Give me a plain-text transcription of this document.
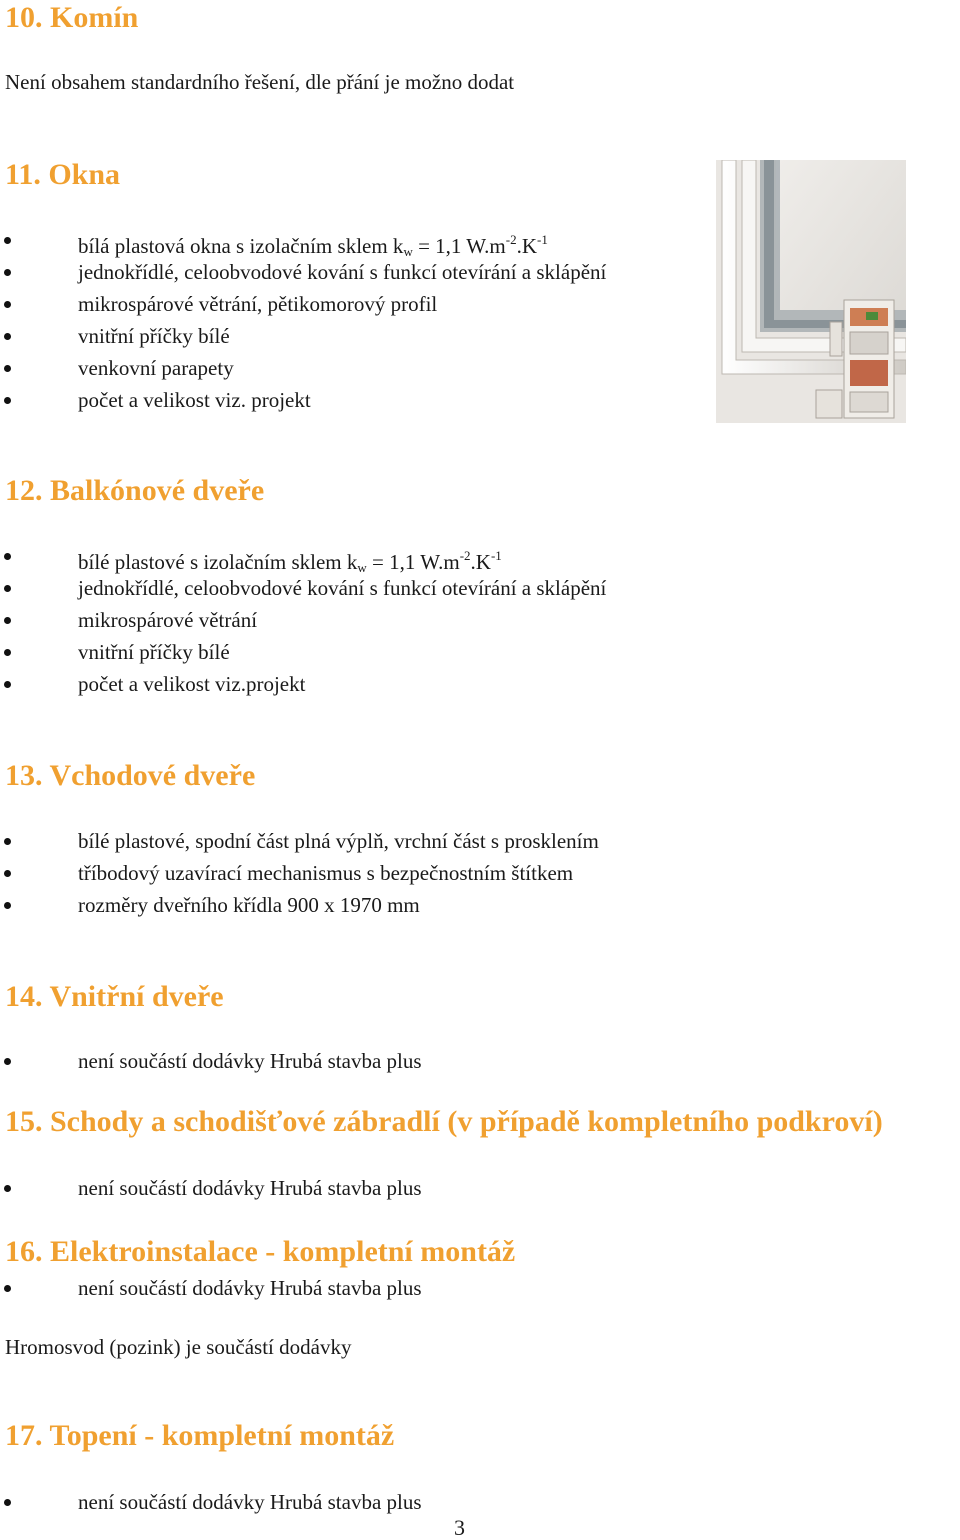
10. Komín

Není obsahem standardního řešení, dle přání je možno dodat

11. Okna
bílá plastová okna s izolačním sklem $k_w = 1,1$ $W.m^{-2}.K^{-1}$
jednokřídlé, celoobvodové kování s funkcí otevírání a sklápění
mikrospárové větrání, pětikomorový profil
vnitřní příčky bílé
venkovní parapety
počet a velikost viz. projekt
12. Balkónové dveře
bílé plastové s izolačním sklem $k_w = 1,1$ $W.m^{-2}.K^{-1}$
jednokřídlé, celoobvodové kování s funkcí otevírání a sklápění
mikrospárové větrání
vnitřní příčky bílé
počet a velikost viz.projekt
13. Vchodové dveře
bílé plastové, spodní část plná výplň, vrchní část s prosklením
tříbodový uzavírací mechanismus s bezpečnostním štítkem
rozměry dveřního křídla 900 x 1970 mm
14. Vnitřní dveře
není součástí dodávky Hrubá stavba plus
15. Schody a schodišťové zábradlí (v případě kompletního podkroví)
není součástí dodávky Hrubá stavba plus
16. Elektroinstalace - kompletní montáž
není součástí dodávky Hrubá stavba plus

Hromosvod (pozink) je součástí dodávky

17. Topení - kompletní montáž
není součástí dodávky Hrubá stavba plus
3
